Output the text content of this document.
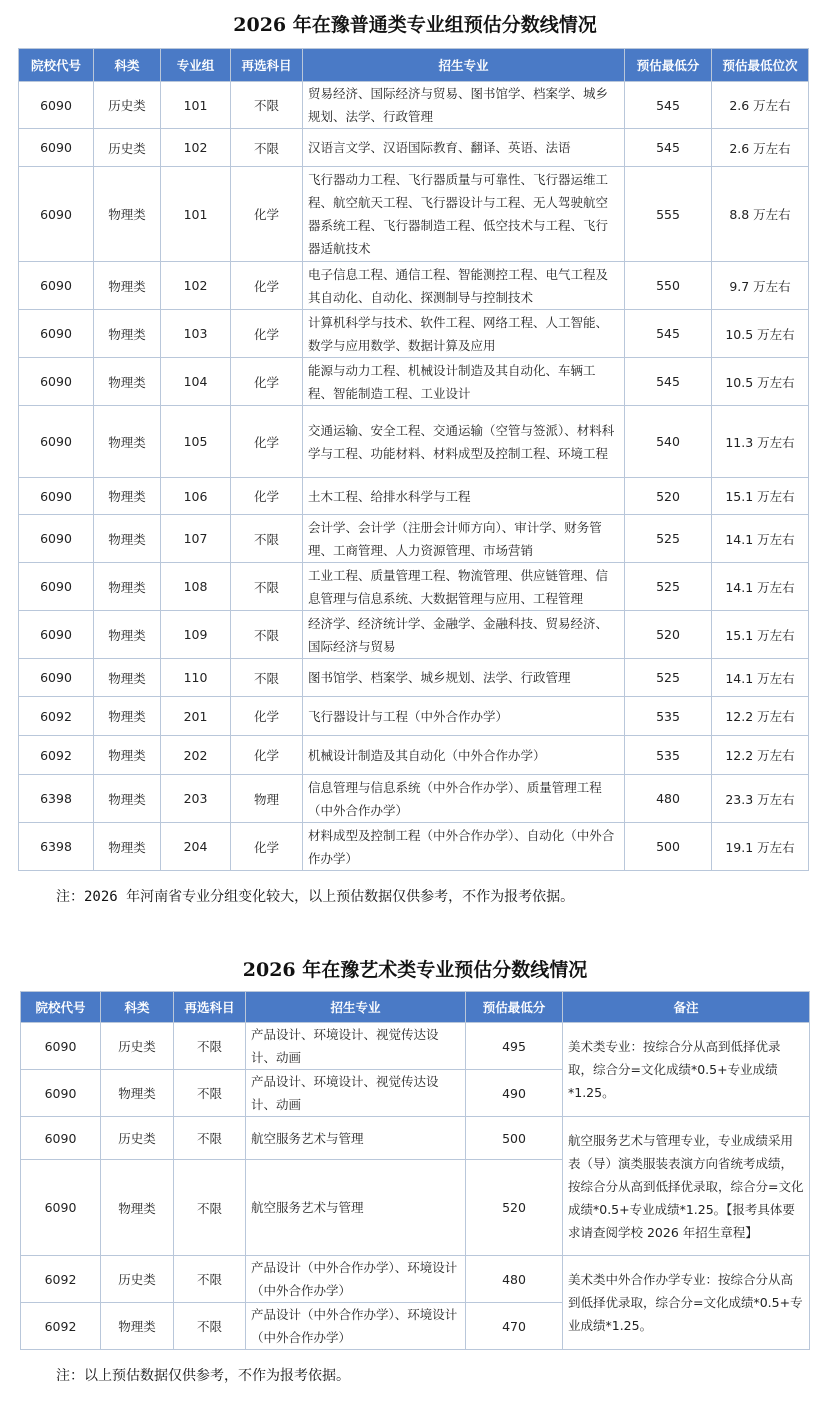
2026 年在豫普通类专业组预估分数线情况
院校代号	科类	专业组	再选科目	招生专业	预估最低分	预估最低位次
6090	历史类	101	不限	贸易经济、国际经济与贸易、图书馆学、档案学、城乡规划、法学、行政管理	545	2.6 万左右
6090	历史类	102	不限	汉语言文学、汉语国际教育、翻译、英语、法语	545	2.6 万左右
6090	物理类	101	化学	飞行器动力工程、飞行器质量与可靠性、飞行器运维工程、航空航天工程、飞行器设计与工程、无人驾驶航空器系统工程、飞行器制造工程、低空技术与工程、飞行器适航技术	555	8.8 万左右
6090	物理类	102	化学	电子信息工程、通信工程、智能测控工程、电气工程及其自动化、自动化、探测制导与控制技术	550	9.7 万左右
6090	物理类	103	化学	计算机科学与技术、软件工程、网络工程、人工智能、数学与应用数学、数据计算及应用	545	10.5 万左右
6090	物理类	104	化学	能源与动力工程、机械设计制造及其自动化、车辆工程、智能制造工程、工业设计	545	10.5 万左右
6090	物理类	105	化学	交通运输、安全工程、交通运输（空管与签派）、材料科学与工程、功能材料、材料成型及控制工程、环境工程	540	11.3 万左右
6090	物理类	106	化学	土木工程、给排水科学与工程	520	15.1 万左右
6090	物理类	107	不限	会计学、会计学（注册会计师方向）、审计学、财务管理、工商管理、人力资源管理、市场营销	525	14.1 万左右
6090	物理类	108	不限	工业工程、质量管理工程、物流管理、供应链管理、信息管理与信息系统、大数据管理与应用、工程管理	525	14.1 万左右
6090	物理类	109	不限	经济学、经济统计学、金融学、金融科技、贸易经济、国际经济与贸易	520	15.1 万左右
6090	物理类	110	不限	图书馆学、档案学、城乡规划、法学、行政管理	525	14.1 万左右
6092	物理类	201	化学	飞行器设计与工程（中外合作办学）	535	12.2 万左右
6092	物理类	202	化学	机械设计制造及其自动化（中外合作办学）	535	12.2 万左右
6398	物理类	203	物理	信息管理与信息系统（中外合作办学）、质量管理工程（中外合作办学）	480	23.3 万左右
6398	物理类	204	化学	材料成型及控制工程（中外合作办学）、自动化（中外合作办学）	500	19.1 万左右
注：2026 年河南省专业分组变化较大，以上预估数据仅供参考，不作为报考依据。
2026 年在豫艺术类专业预估分数线情况
院校代号	科类	再选科目	招生专业	预估最低分	备注
6090	历史类	不限	产品设计、环境设计、视觉传达设计、动画	495	美术类专业：按综合分从高到低择优录取，综合分=文化成绩*0.5+专业成绩*1.25。
6090	物理类	不限	产品设计、环境设计、视觉传达设计、动画	490	
6090	历史类	不限	航空服务艺术与管理	500	航空服务艺术与管理专业，专业成绩采用表（导）演类服装表演方向省统考成绩，按综合分从高到低择优录取，综合分=文化成绩*0.5+专业成绩*1.25。【报考具体要求请查阅学校 2026 年招生章程】
6090	物理类	不限	航空服务艺术与管理	520	
6092	历史类	不限	产品设计（中外合作办学）、环境设计（中外合作办学）	480	美术类中外合作办学专业：按综合分从高到低择优录取，综合分=文化成绩*0.5+专业成绩*1.25。
6092	物理类	不限	产品设计（中外合作办学）、环境设计（中外合作办学）	470	
注：以上预估数据仅供参考，不作为报考依据。
